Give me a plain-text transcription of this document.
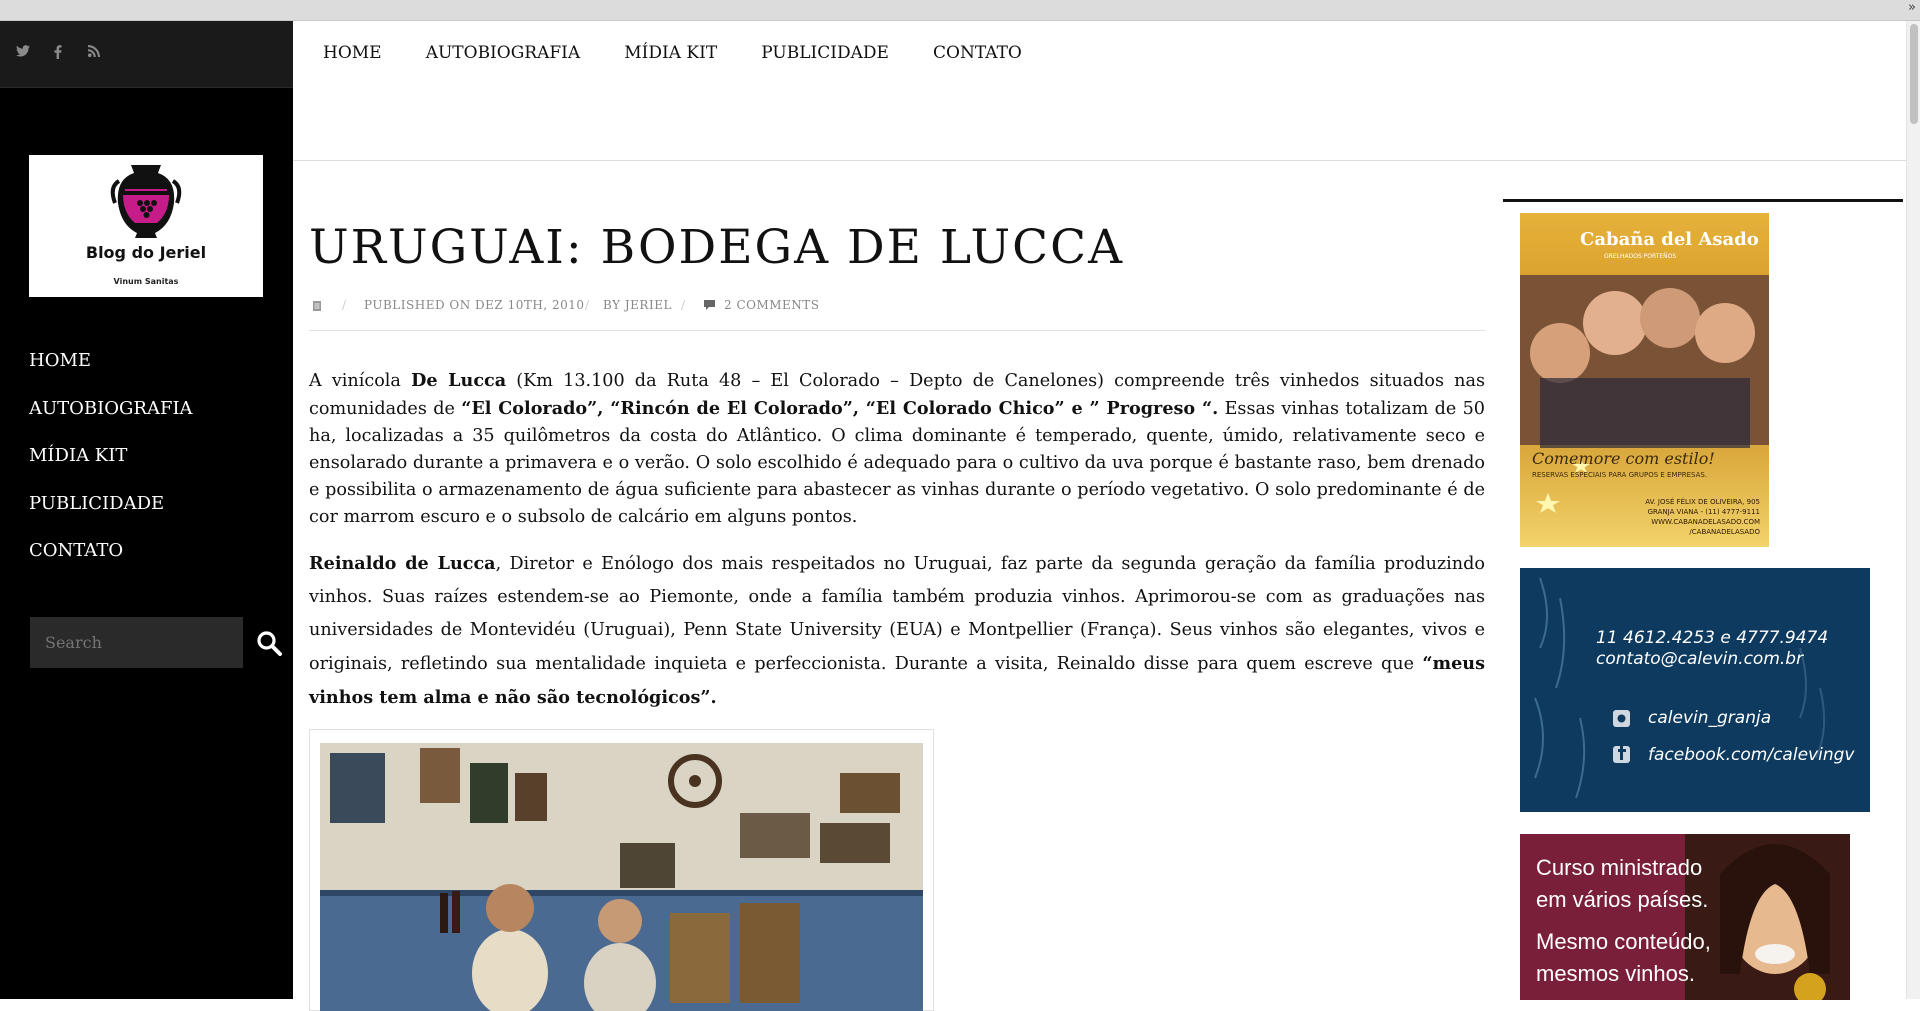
»
Blog do Jeriel
Vinum Sanitas
HOME
AUTOBIOGRAFIA
MÍDIA KIT
PUBLICIDADE
CONTATO
Search
HOME	AUTOBIOGRAFIA	MÍDIA KIT	PUBLICIDADE	CONTATO
URUGUAI: BODEGA DE LUCCA
/ PUBLISHED ON DEZ 10TH, 2010 / BY JERIEL /	2 COMMENTS

A vinícola De Lucca (Km 13.100 da Ruta 48 – El Colorado – Depto de Canelones) compreende três vinhedos situados nas comunidades de “El Colorado”, “Rincón de El Colorado”, “El Colorado Chico” e ” Progreso “. Essas vinhas totalizam de 50 ha, localizadas a 35 quilômetros da costa do Atlântico. O clima dominante é temperado, quente, úmido, relativamente seco e ensolarado durante a primavera e o verão. O solo escolhido é adequado para o cultivo da uva porque é bastante raso, bem drenado e possibilita o armazenamento de água suficiente para abastecer as vinhas durante o período vegetativo. O solo predominante é de cor marrom escuro e o subsolo de calcário em alguns pontos.

Reinaldo de Lucca, Diretor e Enólogo dos mais respeitados no Uruguai, faz parte da segunda geração da família produzindo vinhos. Suas raízes estendem-se ao Piemonte, onde a família também produzia vinhos. Aprimorou-se com as graduações nas universidades de Montevidéu (Uruguai), Penn State University (EUA) e Montpellier (França). Seus vinhos são elegantes, vivos e originais, refletindo sua mentalidade inquieta e perfeccionista. Durante a visita, Reinaldo disse para quem escreve que “meus vinhos tem alma e não são tecnológicos”.

Cabaña del Asado
GRELHADOS PORTEÑOS
Comemore com estilo!
RESERVAS ESPECIAIS PARA GRUPOS E EMPRESAS.
AV. JOSÉ FÉLIX DE OLIVEIRA, 905
GRANJA VIANA - (11) 4777-9111
WWW.CABANADELASADO.COM
/CABANADELASADO
11 4612.4253 e 4777.9474
contato@calevin.com.br
calevin_granja
facebook.com/calevingv
Curso ministrado
em vários países.
Mesmo conteúdo,
mesmos vinhos.
